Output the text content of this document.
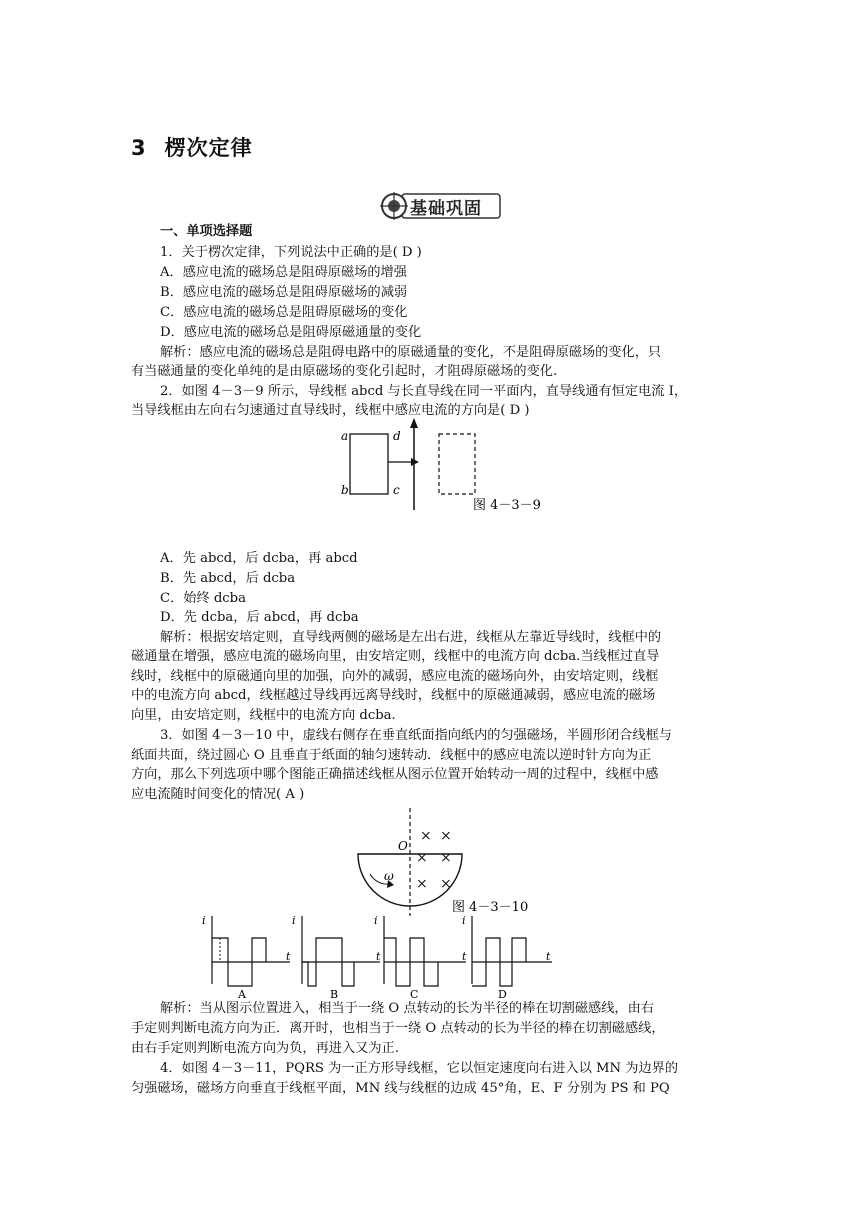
3 楞次定律
基础巩固
一、单项选择题
1．关于楞次定律，下列说法中正确的是( D )
A．感应电流的磁场总是阻碍原磁场的增强
B．感应电流的磁场总是阻碍原磁场的减弱
C．感应电流的磁场总是阻碍原磁场的变化
D．感应电流的磁场总是阻碍原磁通量的变化
解析：感应电流的磁场总是阻碍电路中的原磁通量的变化，不是阻碍原磁场的变化，只
有当磁通量的变化单纯的是由原磁场的变化引起时，才阻碍原磁场的变化.
2．如图 4－3－9 所示，导线框 abcd 与长直导线在同一平面内，直导线通有恒定电流 I，
当导线框由左向右匀速通过直导线时，线框中感应电流的方向是( D )
a
b	c
d
图 4－3－9
A．先 abcd，后 dcba，再 abcd
B．先 abcd，后 dcba
C．始终 dcba
D．先 dcba，后 abcd，再 dcba
解析：根据安培定则，直导线两侧的磁场是左出右进，线框从左靠近导线时，线框中的
磁通量在增强，感应电流的磁场向里，由安培定则，线框中的电流方向 dcba.当线框过直导
线时，线框中的原磁通向里的加强，向外的减弱，感应电流的磁场向外，由安培定则，线框
中的电流方向 abcd，线框越过导线再远离导线时，线框中的原磁通减弱，感应电流的磁场
向里，由安培定则，线框中的电流方向 dcba.
3．如图 4－3－10 中，虚线右侧存在垂直纸面指向纸内的匀强磁场，半圆形闭合线框与
纸面共面，绕过圆心 O 且垂直于纸面的轴匀速转动．线框中的感应电流以逆时针方向为正
方向，那么下列选项中哪个图能正确描述线框从图示位置开始转动一周的过程中，线框中感
应电流随时间变化的情况( A )
O
× ×
× ×
× ×
ω
图 4－3－10
i
t
A
i
t
B
i
t
C
i
t
D
解析：当从图示位置进入，相当于一绕 O 点转动的长为半径的棒在切割磁感线，由右
手定则判断电流方向为正．离开时，也相当于一绕 O 点转动的长为半径的棒在切割磁感线，
由右手定则判断电流方向为负，再进入又为正.
4．如图 4－3－11，PQRS 为一正方形导线框，它以恒定速度向右进入以 MN 为边界的
匀强磁场，磁场方向垂直于线框平面，MN 线与线框的边成 45°角，E、F 分别为 PS 和 PQ
